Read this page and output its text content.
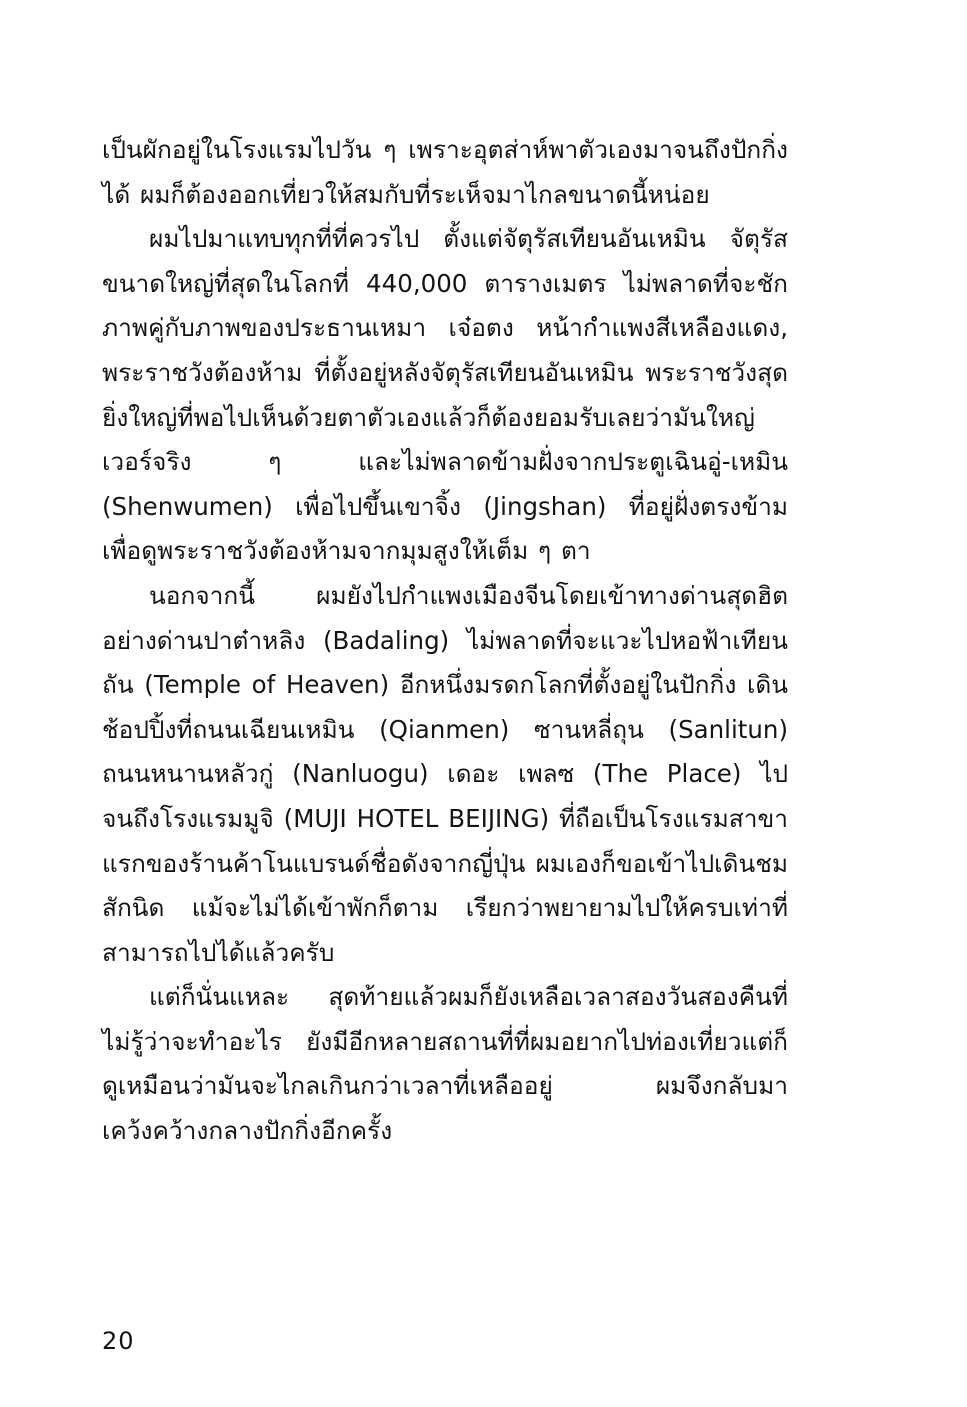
เป็นผักอยู่ในโรงแรมไปวัน ๆ เพราะอุตส่าห์พาตัวเองมาจนถึงปักกิ่งได้ ผมก็ต้องออกเที่ยวให้สมกับที่ระเห็จมาไกลขนาดนี้หน่อย

ผมไปมาแทบทุกที่ที่ควรไป ตั้งแต่จัตุรัสเทียนอันเหมิน จัตุรัสขนาดใหญ่ที่สุดในโลกที่ 440,000 ตารางเมตร ไม่พลาดที่จะชักภาพคู่กับภาพของประธานเหมา เจ๋อตง หน้ากำแพงสีเหลืองแดง, พระราชวังต้องห้าม ที่ตั้งอยู่หลังจัตุรัสเทียนอันเหมิน พระราชวังสุดยิ่งใหญ่ที่พอไปเห็นด้วยตาตัวเองแล้วก็ต้องยอมรับเลยว่ามันใหญ่เวอร์จริง ๆ และไม่พลาดข้ามฝั่งจากประตูเฉินอู่-เหมิน (Shenwumen) เพื่อไปขึ้นเขาจิ้ง (Jingshan) ที่อยู่ฝั่งตรงข้ามเพื่อดูพระราชวังต้องห้ามจากมุมสูงให้เต็ม ๆ ตา

นอกจากนี้ ผมยังไปกำแพงเมืองจีนโดยเข้าทางด่านสุดฮิตอย่างด่านปาต๋าหลิง (Badaling) ไม่พลาดที่จะแวะไปหอฟ้าเทียนถัน (Temple of Heaven) อีกหนึ่งมรดกโลกที่ตั้งอยู่ในปักกิ่ง เดินช้อปปิ้งที่ถนนเฉียนเหมิน (Qianmen) ซานหลี่ถุน (Sanlitun) ถนนหนานหลัวกู่ (Nanluogu) เดอะ เพลซ (The Place) ไปจนถึงโรงแรมมูจิ (MUJI HOTEL BEIJING) ที่ถือเป็นโรงแรมสาขาแรกของร้านค้าโนแบรนด์ชื่อดังจากญี่ปุ่น ผมเองก็ขอเข้าไปเดินชมสักนิด แม้จะไม่ได้เข้าพักก็ตาม เรียกว่าพยายามไปให้ครบเท่าที่สามารถไปได้แล้วครับ

แต่ก็นั่นแหละ สุดท้ายแล้วผมก็ยังเหลือเวลาสองวันสองคืนที่ไม่รู้ว่าจะทำอะไร ยังมีอีกหลายสถานที่ที่ผมอยากไปท่องเที่ยวแต่ก็ดูเหมือนว่ามันจะไกลเกินกว่าเวลาที่เหลืออยู่ ผมจึงกลับมาเคว้งคว้างกลางปักกิ่งอีกครั้ง

20
